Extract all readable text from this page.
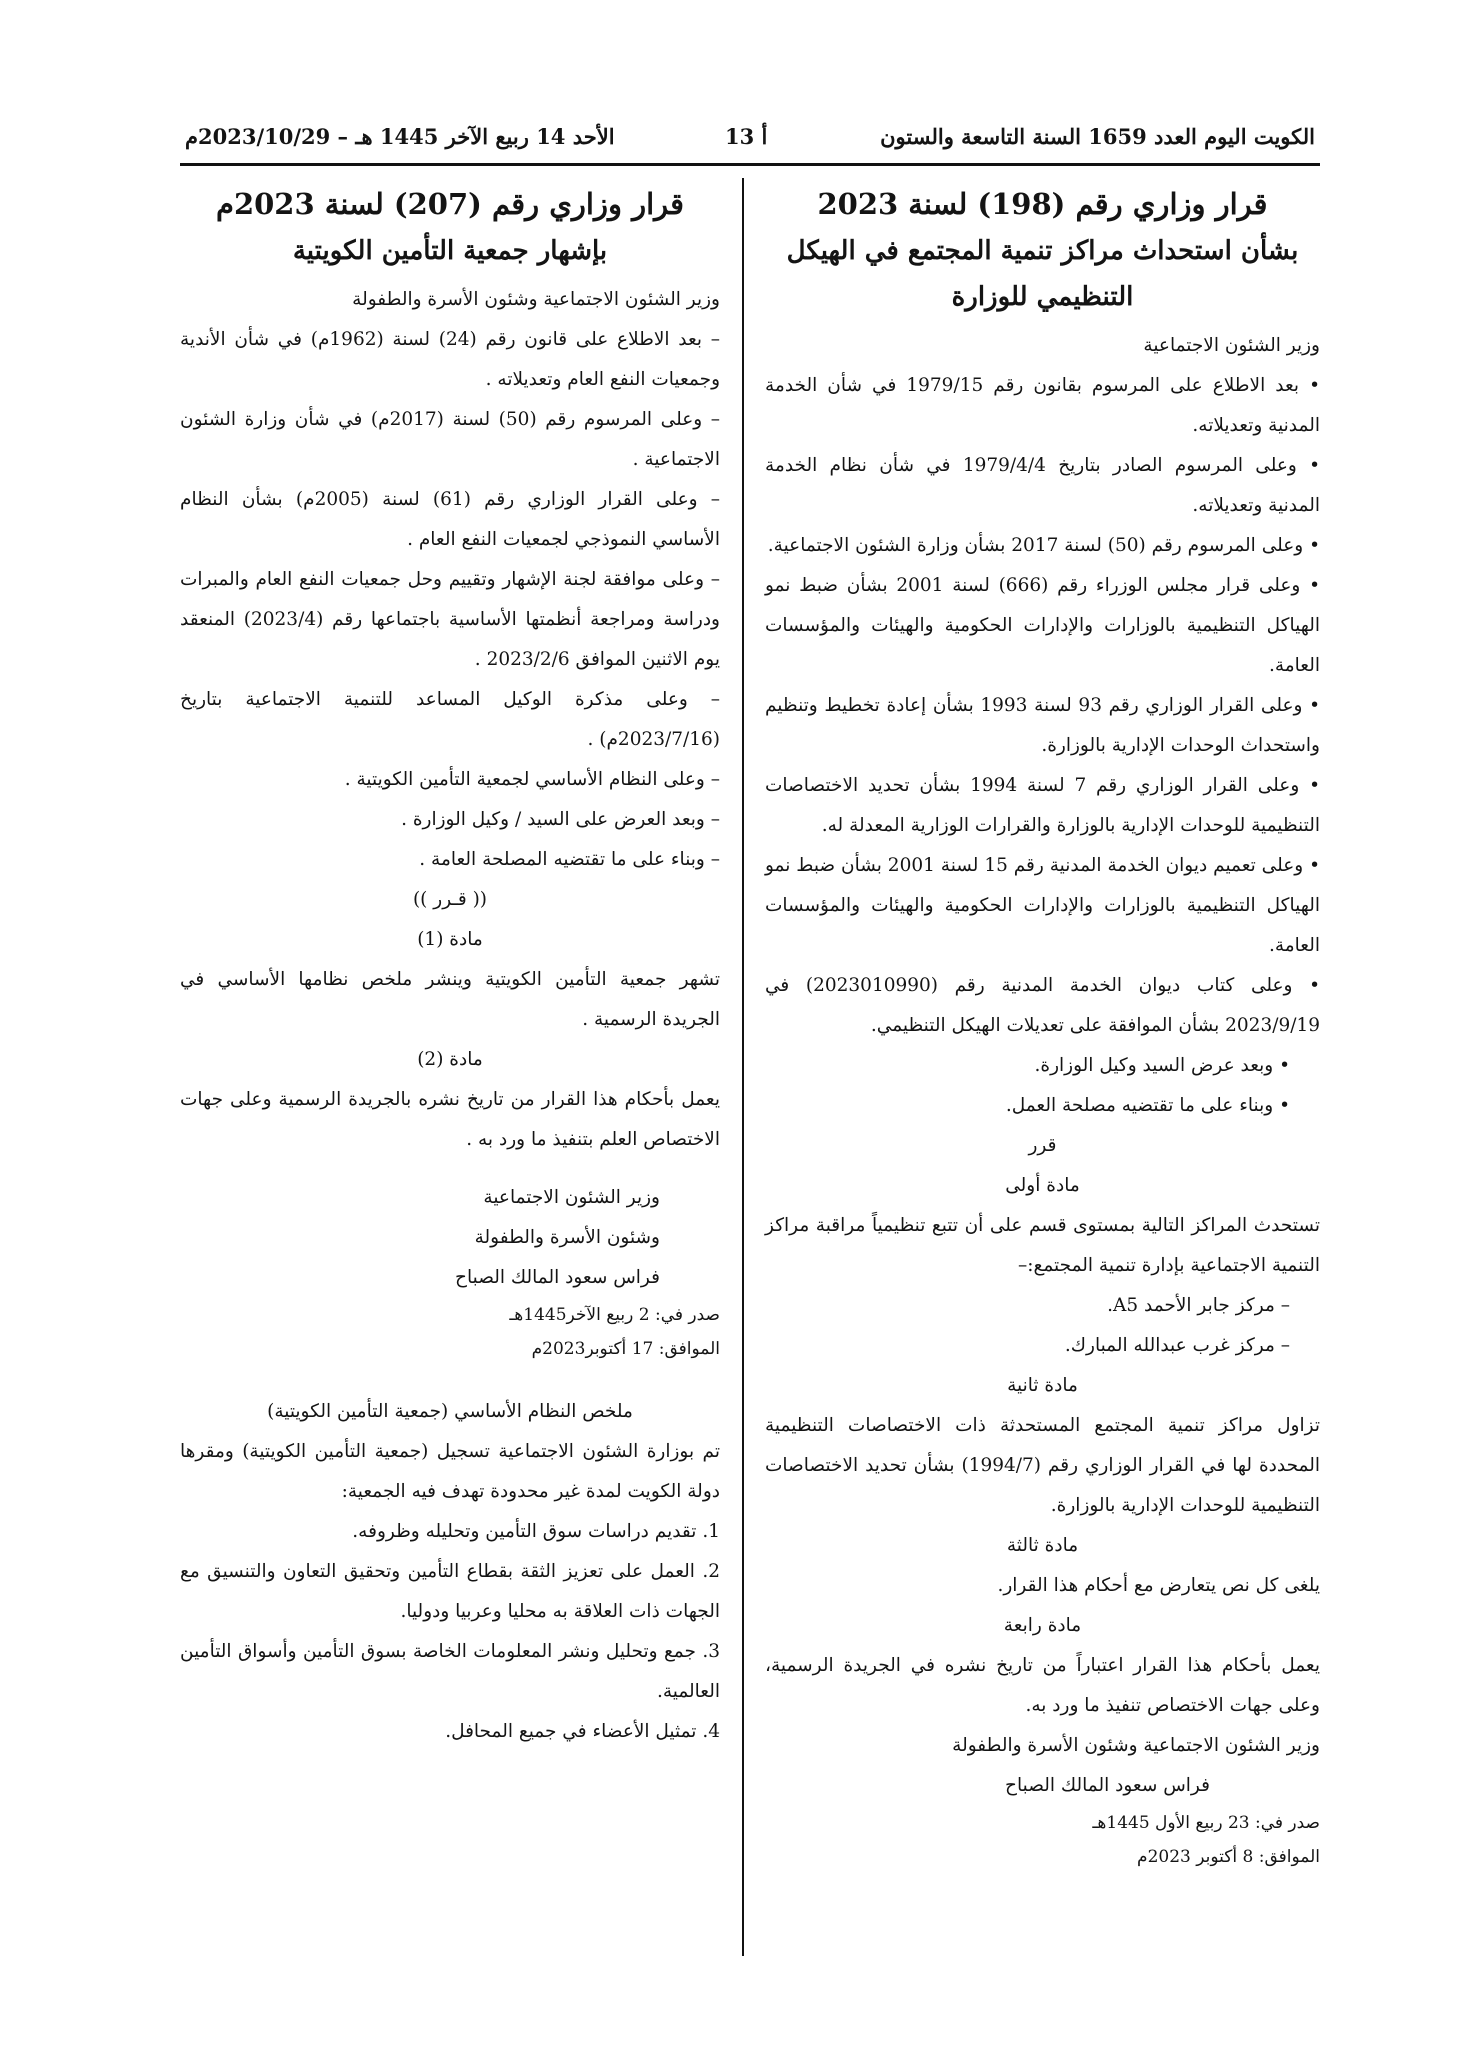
الكويت اليوم العدد 1659 السنة التاسعة والستون
أ 13
الأحد 14 ربيع الآخر 1445 هـ – 2023/10/29م
قرار وزاري رقم (198) لسنة 2023
بشأن استحداث مراكز تنمية المجتمع في الهيكل التنظيمي للوزارة

وزير الشئون الاجتماعية

• بعد الاطلاع على المرسوم بقانون رقم 1979/15 في شأن الخدمة المدنية وتعديلاته.

• وعلى المرسوم الصادر بتاريخ 1979/4/4 في شأن نظام الخدمة المدنية وتعديلاته.

• وعلى المرسوم رقم (50) لسنة 2017 بشأن وزارة الشئون الاجتماعية.

• وعلى قرار مجلس الوزراء رقم (666) لسنة 2001 بشأن ضبط نمو الهياكل التنظيمية بالوزارات والإدارات الحكومية والهيئات والمؤسسات العامة.

• وعلى القرار الوزاري رقم 93 لسنة 1993 بشأن إعادة تخطيط وتنظيم واستحداث الوحدات الإدارية بالوزارة.

• وعلى القرار الوزاري رقم 7 لسنة 1994 بشأن تحديد الاختصاصات التنظيمية للوحدات الإدارية بالوزارة والقرارات الوزارية المعدلة له.

• وعلى تعميم ديوان الخدمة المدنية رقم 15 لسنة 2001 بشأن ضبط نمو الهياكل التنظيمية بالوزارات والإدارات الحكومية والهيئات والمؤسسات العامة.

• وعلى كتاب ديوان الخدمة المدنية رقم (2023010990) في 2023/9/19 بشأن الموافقة على تعديلات الهيكل التنظيمي.

• وبعد عرض السيد وكيل الوزارة.

• وبناء على ما تقتضيه مصلحة العمل.

قرر

مادة أولى

تستحدث المراكز التالية بمستوى قسم على أن تتبع تنظيمياً مراقبة مراكز التنمية الاجتماعية بإدارة تنمية المجتمع:–

– مركز جابر الأحمد A5.

– مركز غرب عبدالله المبارك.

مادة ثانية

تزاول مراكز تنمية المجتمع المستحدثة ذات الاختصاصات التنظيمية المحددة لها في القرار الوزاري رقم (1994/7) بشأن تحديد الاختصاصات التنظيمية للوحدات الإدارية بالوزارة.

مادة ثالثة

يلغى كل نص يتعارض مع أحكام هذا القرار.

مادة رابعة

يعمل بأحكام هذا القرار اعتباراً من تاريخ نشره في الجريدة الرسمية، وعلى جهات الاختصاص تنفيذ ما ورد به.

وزير الشئون الاجتماعية وشئون الأسرة والطفولة

فراس سعود المالك الصباح

صدر في: 23 ربيع الأول 1445هـ

الموافق: 8 أكتوبر 2023م

قرار وزاري رقم (207) لسنة 2023م
بإشهار جمعية التأمين الكويتية

وزير الشئون الاجتماعية وشئون الأسرة والطفولة

– بعد الاطلاع على قانون رقم (24) لسنة (1962م) في شأن الأندية وجمعيات النفع العام وتعديلاته .

– وعلى المرسوم رقم (50) لسنة (2017م) في شأن وزارة الشئون الاجتماعية .

– وعلى القرار الوزاري رقم (61) لسنة (2005م) بشأن النظام الأساسي النموذجي لجمعيات النفع العام .

– وعلى موافقة لجنة الإشهار وتقييم وحل جمعيات النفع العام والمبرات ودراسة ومراجعة أنظمتها الأساسية باجتماعها رقم (2023/4) المنعقد يوم الاثنين الموافق 2023/2/6 .

– وعلى مذكرة الوكيل المساعد للتنمية الاجتماعية بتاريخ (2023/7/16م) .

– وعلى النظام الأساسي لجمعية التأمين الكويتية .

– وبعد العرض على السيد / وكيل الوزارة .

– وبناء على ما تقتضيه المصلحة العامة .

(( قـرر ))

مادة (1)

تشهر جمعية التأمين الكويتية وينشر ملخص نظامها الأساسي في الجريدة الرسمية .

مادة (2)

يعمل بأحكام هذا القرار من تاريخ نشره بالجريدة الرسمية وعلى جهات الاختصاص العلم بتنفيذ ما ورد به .

وزير الشئون الاجتماعية

وشئون الأسرة والطفولة

فراس سعود المالك الصباح

صدر في: 2 ربيع الآخر1445هـ

الموافق: 17 أكتوبر2023م

ملخص النظام الأساسي (جمعية التأمين الكويتية)

تم بوزارة الشئون الاجتماعية تسجيل (جمعية التأمين الكويتية) ومقرها دولة الكويت لمدة غير محدودة تهدف فيه الجمعية:

1. تقديم دراسات سوق التأمين وتحليله وظروفه.

2. العمل على تعزيز الثقة بقطاع التأمين وتحقيق التعاون والتنسيق مع الجهات ذات العلاقة به محليا وعربيا ودوليا.

3. جمع وتحليل ونشر المعلومات الخاصة بسوق التأمين وأسواق التأمين العالمية.

4. تمثيل الأعضاء في جميع المحافل.
